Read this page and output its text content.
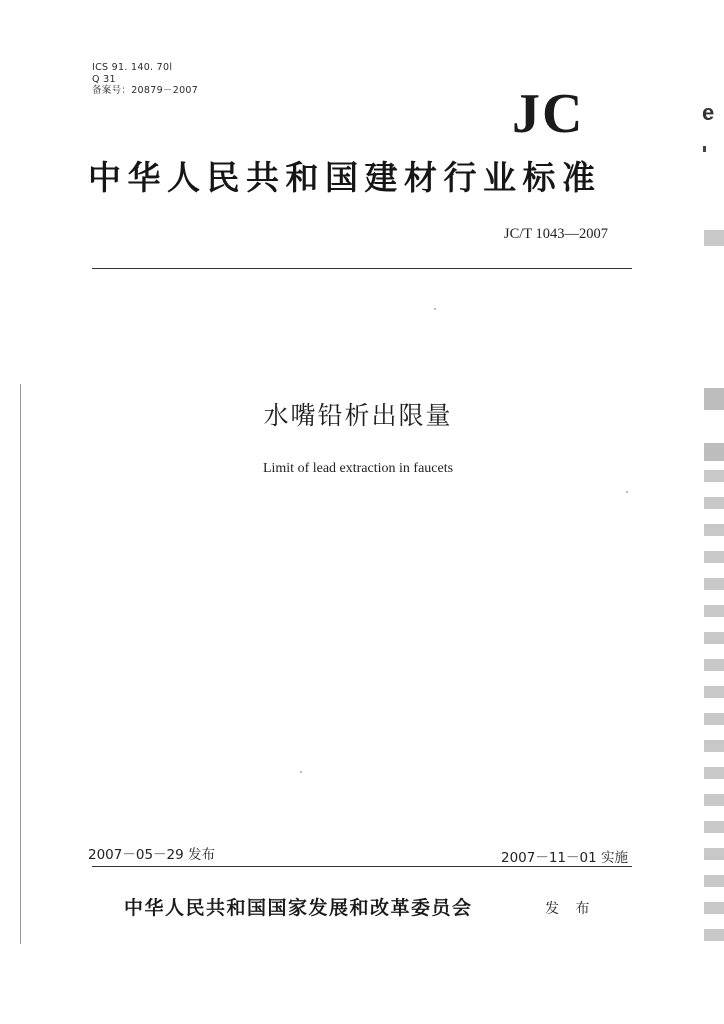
ICS 91. 140. 70l
Q 31
备案号：20879－2007	JC
中华人民共和国建材行业标准
JC/T 1043—2007
水嘴铅析出限量
Limit of lead extraction in faucets
2007－05－29 发布	2007－11－01 实施
中华人民共和国国家发展和改革委员会	发 布
e
